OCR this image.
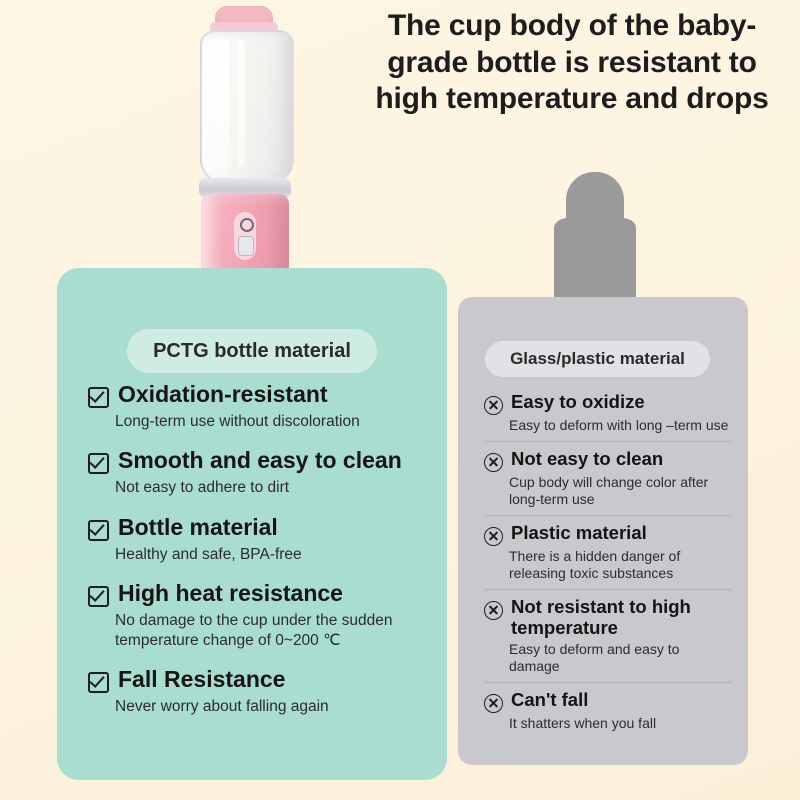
The cup body of the baby-grade bottle is resistant to high temperature and drops
PCTG bottle material
Oxidation-resistant
Long-term use without discoloration
Smooth and easy to clean
Not easy to adhere to dirt
Bottle material
Healthy and safe, BPA-free
High heat resistance
No damage to the cup under the sudden temperature change of 0~200 ℃
Fall Resistance
Never worry about falling again
Glass/plastic material
Easy to oxidize
Easy to deform with long –term use
Not easy to clean
Cup body will change color after long-term use
Plastic material
There is a hidden danger of releasing toxic substances
Not resistant to high temperature
Easy to deform and easy to damage
Can't fall
It shatters when you fall
